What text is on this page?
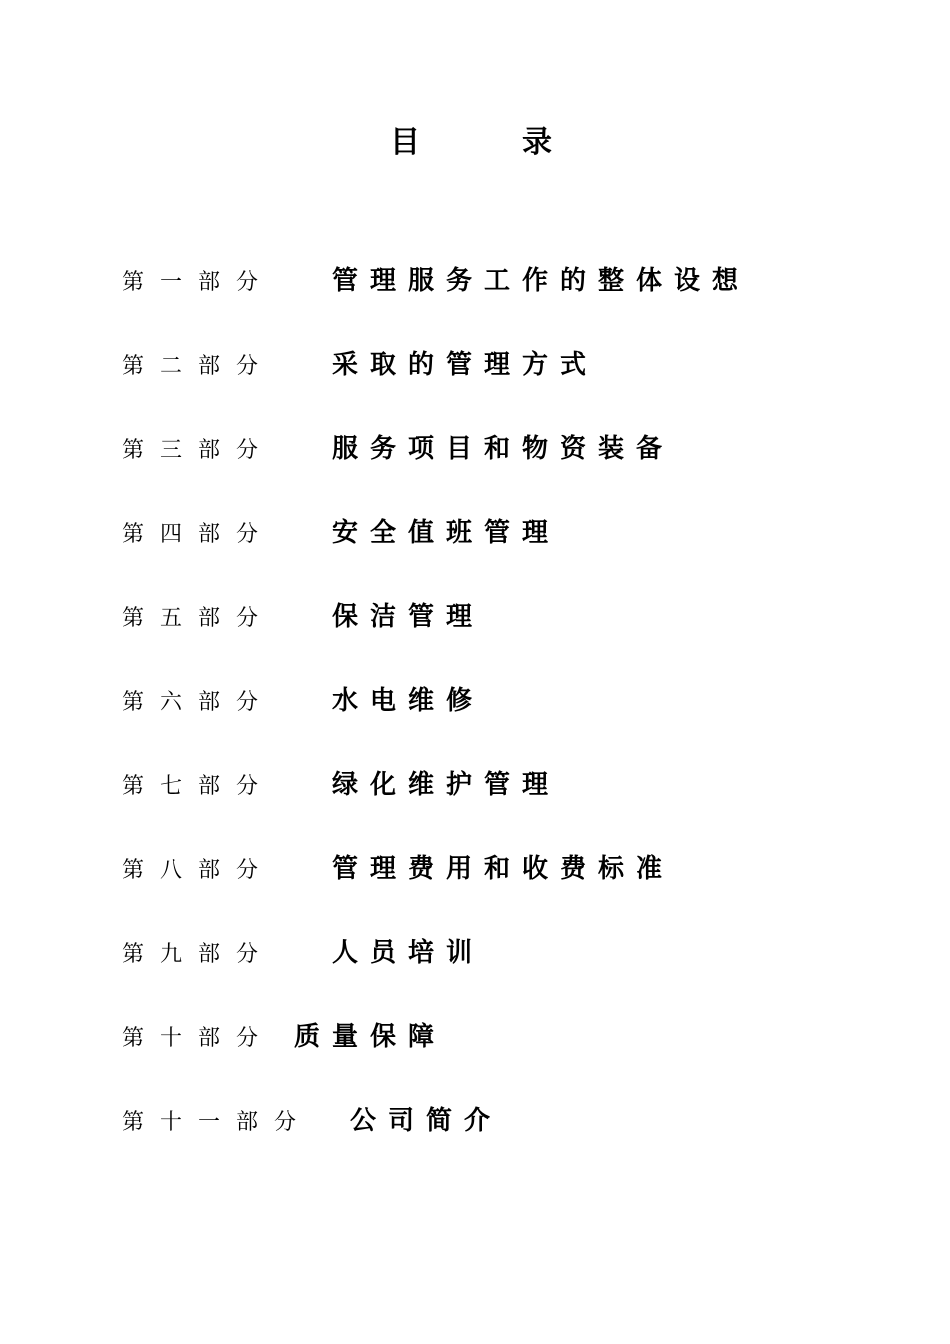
目	录
第一部分 管理服务工作的整体设想
第二部分 采取的管理方式
第三部分 服务项目和物资装备
第四部分 安全值班管理
第五部分 保洁管理
第六部分 水电维修
第七部分 绿化维护管理
第八部分 管理费用和收费标准
第九部分 人员培训
第十部分 质量保障
第十一部分 公司简介
